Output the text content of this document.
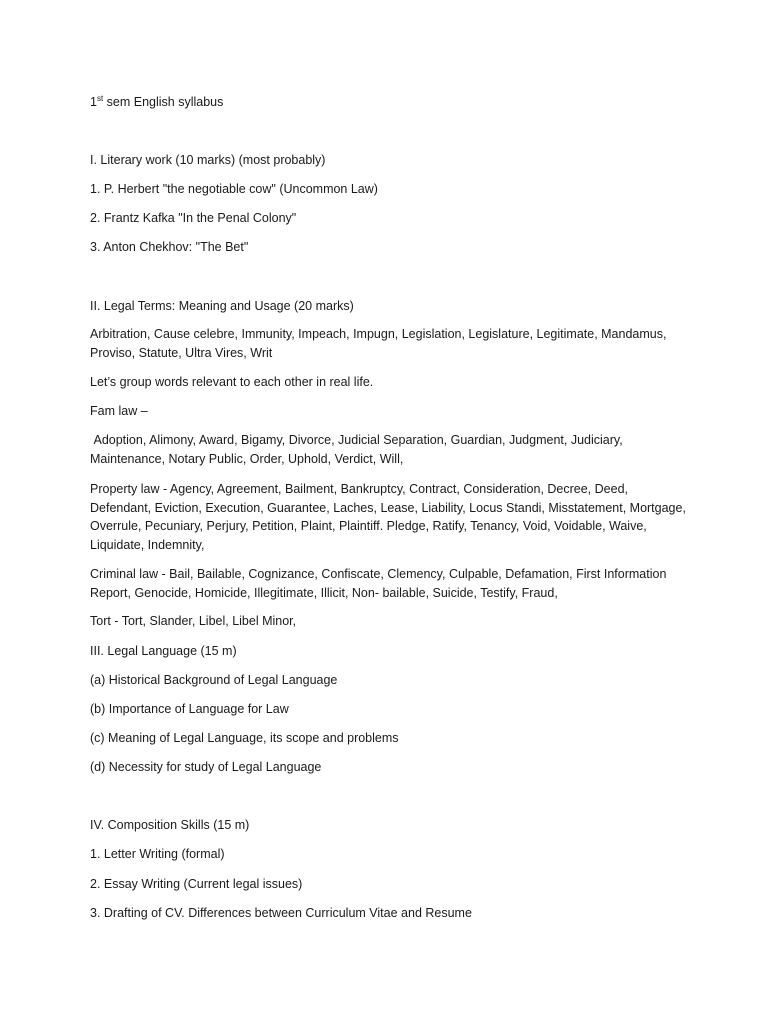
1st sem English syllabus
I. Literary work (10 marks) (most probably)
1. P. Herbert "the negotiable cow" (Uncommon Law)
2. Frantz Kafka "In the Penal Colony"
3. Anton Chekhov: "The Bet"
II. Legal Terms: Meaning and Usage (20 marks)
Arbitration, Cause celebre, Immunity, Impeach, Impugn, Legislation, Legislature, Legitimate, Mandamus, Proviso, Statute, Ultra Vires, Writ
Let’s group words relevant to each other in real life.
Fam law –
Adoption, Alimony, Award, Bigamy, Divorce, Judicial Separation, Guardian, Judgment, Judiciary, Maintenance, Notary Public, Order, Uphold, Verdict, Will,
Property law - Agency, Agreement, Bailment, Bankruptcy, Contract, Consideration, Decree, Deed, Defendant, Eviction, Execution, Guarantee, Laches, Lease, Liability, Locus Standi, Misstatement, Mortgage, Overrule, Pecuniary, Perjury, Petition, Plaint, Plaintiff. Pledge, Ratify, Tenancy, Void, Voidable, Waive, Liquidate, Indemnity,
Criminal law - Bail, Bailable, Cognizance, Confiscate, Clemency, Culpable, Defamation, First Information Report, Genocide, Homicide, Illegitimate, Illicit, Non- bailable, Suicide, Testify, Fraud,
Tort - Tort, Slander, Libel, Libel Minor,
III. Legal Language (15 m)
(a) Historical Background of Legal Language
(b) Importance of Language for Law
(c) Meaning of Legal Language, its scope and problems
(d) Necessity for study of Legal Language
IV. Composition Skills (15 m)
1. Letter Writing (formal)
2. Essay Writing (Current legal issues)
3. Drafting of CV. Differences between Curriculum Vitae and Resume
